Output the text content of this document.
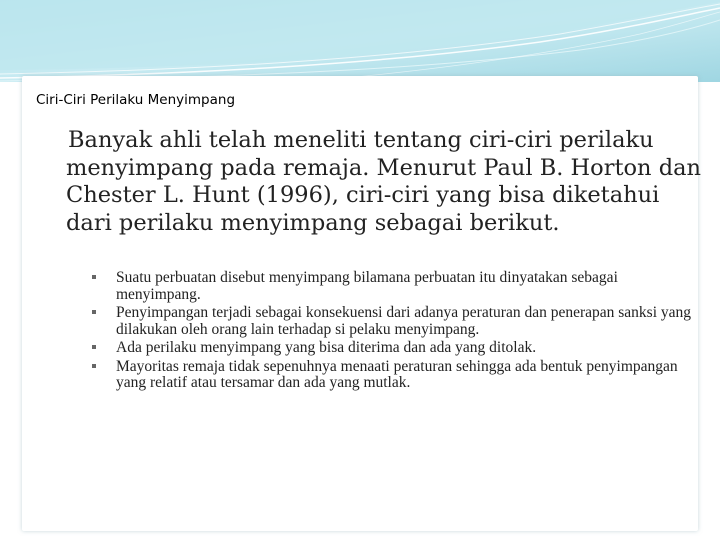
Ciri-Ciri Perilaku Menyimpang

Banyak ahli telah meneliti tentang ciri-ciri perilaku menyimpang pada remaja. Menurut Paul B. Horton dan Chester L. Hunt (1996), ciri-ciri yang bisa diketahui dari perilaku menyimpang sebagai berikut.

Suatu perbuatan disebut menyimpang bilamana perbuatan itu dinyatakan sebagai menyimpang.
Penyimpangan terjadi sebagai konsekuensi dari adanya peraturan dan penerapan sanksi yang dilakukan oleh orang lain terhadap si pelaku menyimpang.
Ada perilaku menyimpang yang bisa diterima dan ada yang ditolak.
Mayoritas remaja tidak sepenuhnya menaati peraturan sehingga ada bentuk penyimpangan yang relatif atau tersamar dan ada yang mutlak.
